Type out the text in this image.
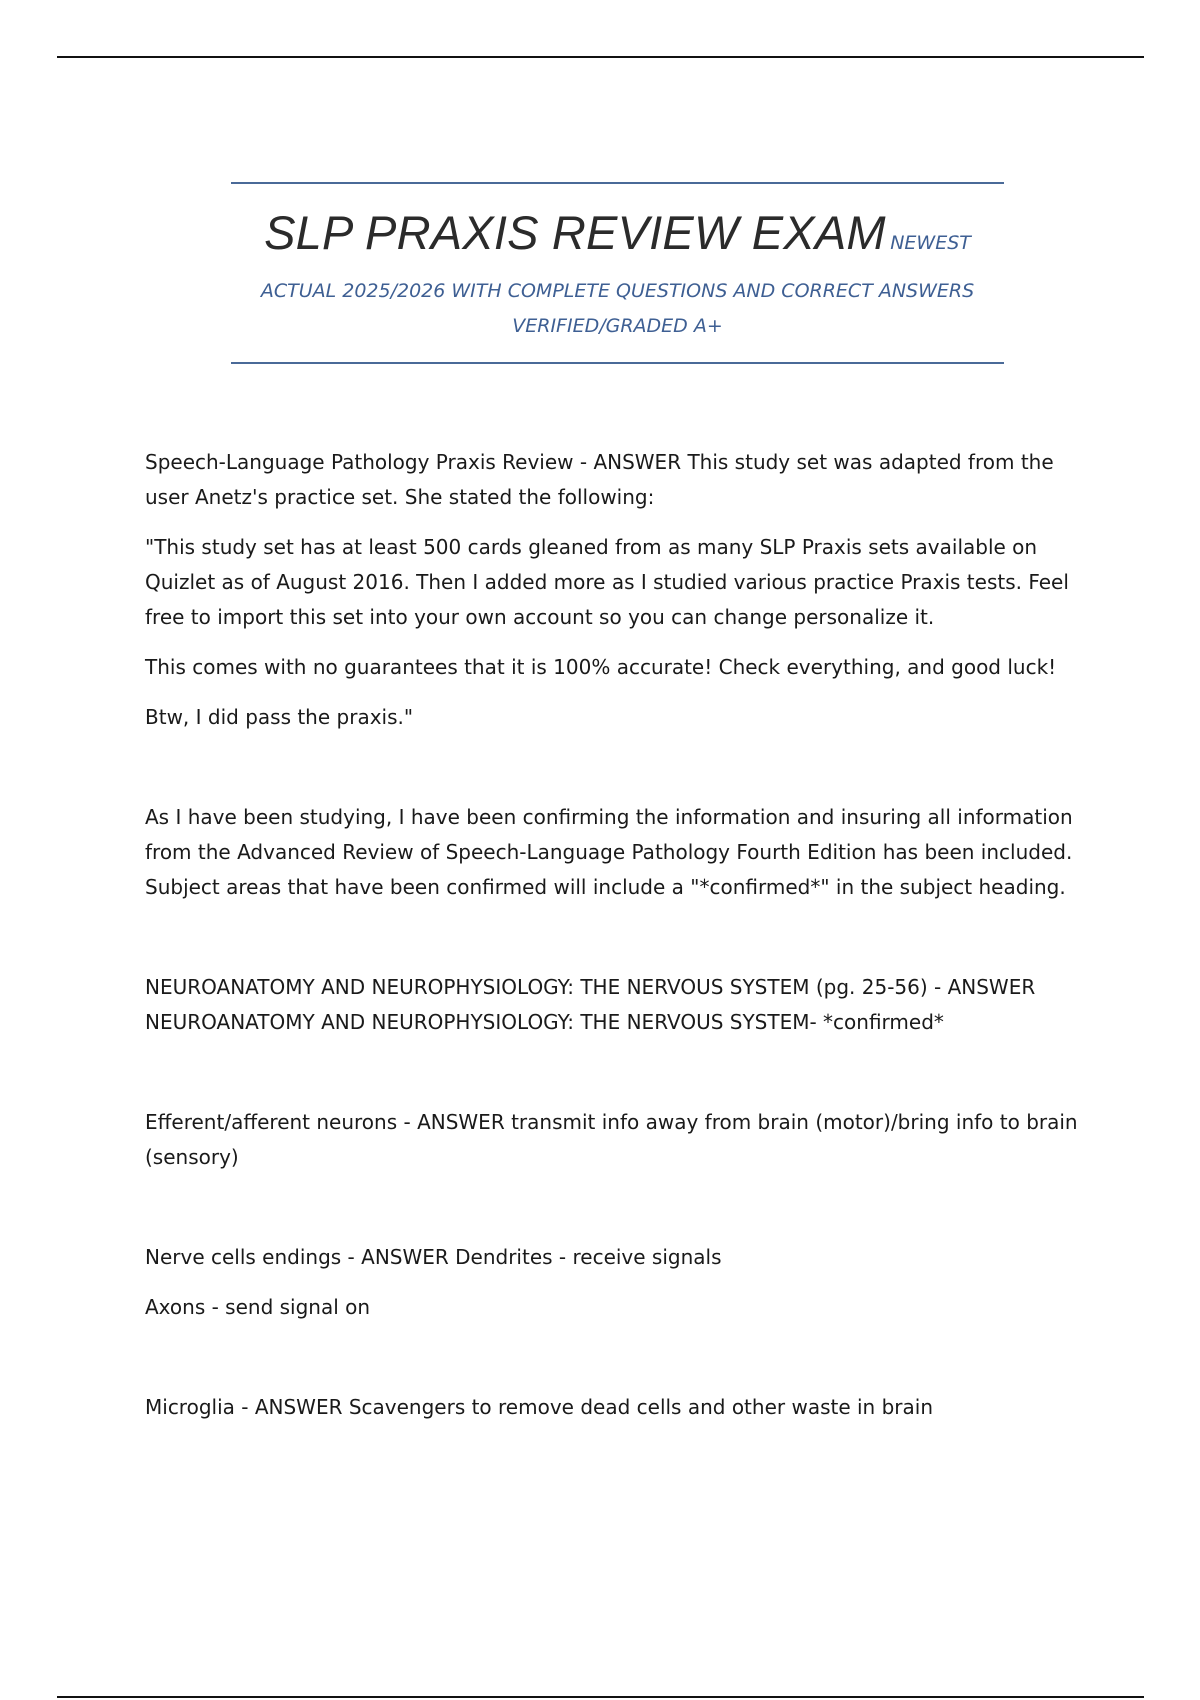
SLP PRAXIS REVIEW EXAM NEWEST
ACTUAL 2025/2026 WITH COMPLETE QUESTIONS AND CORRECT ANSWERS
VERIFIED/GRADED A+

Speech-Language Pathology Praxis Review - ANSWER This study set was adapted from the user Anetz's practice set. She stated the following:

"This study set has at least 500 cards gleaned from as many SLP Praxis sets available on Quizlet as of August 2016. Then I added more as I studied various practice Praxis tests. Feel free to import this set into your own account so you can change personalize it.

This comes with no guarantees that it is 100% accurate! Check everything, and good luck!

Btw, I did pass the praxis."

As I have been studying, I have been confirming the information and insuring all information from the Advanced Review of Speech-Language Pathology Fourth Edition has been included. Subject areas that have been confirmed will include a "*confirmed*" in the subject heading.

NEUROANATOMY AND NEUROPHYSIOLOGY: THE NERVOUS SYSTEM (pg. 25-56) - ANSWER NEUROANATOMY AND NEUROPHYSIOLOGY: THE NERVOUS SYSTEM- *confirmed*

Efferent/afferent neurons - ANSWER transmit info away from brain (motor)/bring info to brain (sensory)

Nerve cells endings - ANSWER Dendrites - receive signals

Axons - send signal on

Microglia - ANSWER Scavengers to remove dead cells and other waste in brain
